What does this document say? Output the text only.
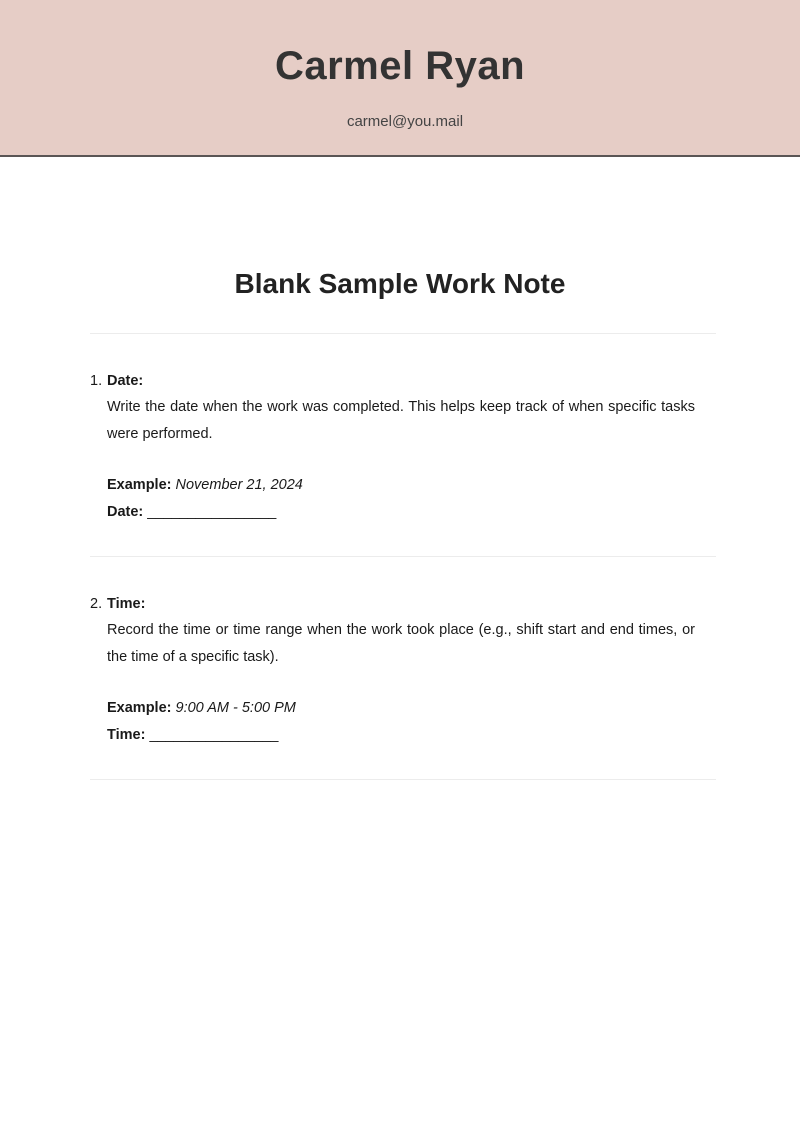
Carmel Ryan
carmel@you.mail
Blank Sample Work Note
1. Date:
Write the date when the work was completed. This helps keep track of when specific tasks were performed.
Example: November 21, 2024
Date: ________________
2. Time:
Record the time or time range when the work took place (e.g., shift start and end times, or the time of a specific task).
Example: 9:00 AM - 5:00 PM
Time: ________________
